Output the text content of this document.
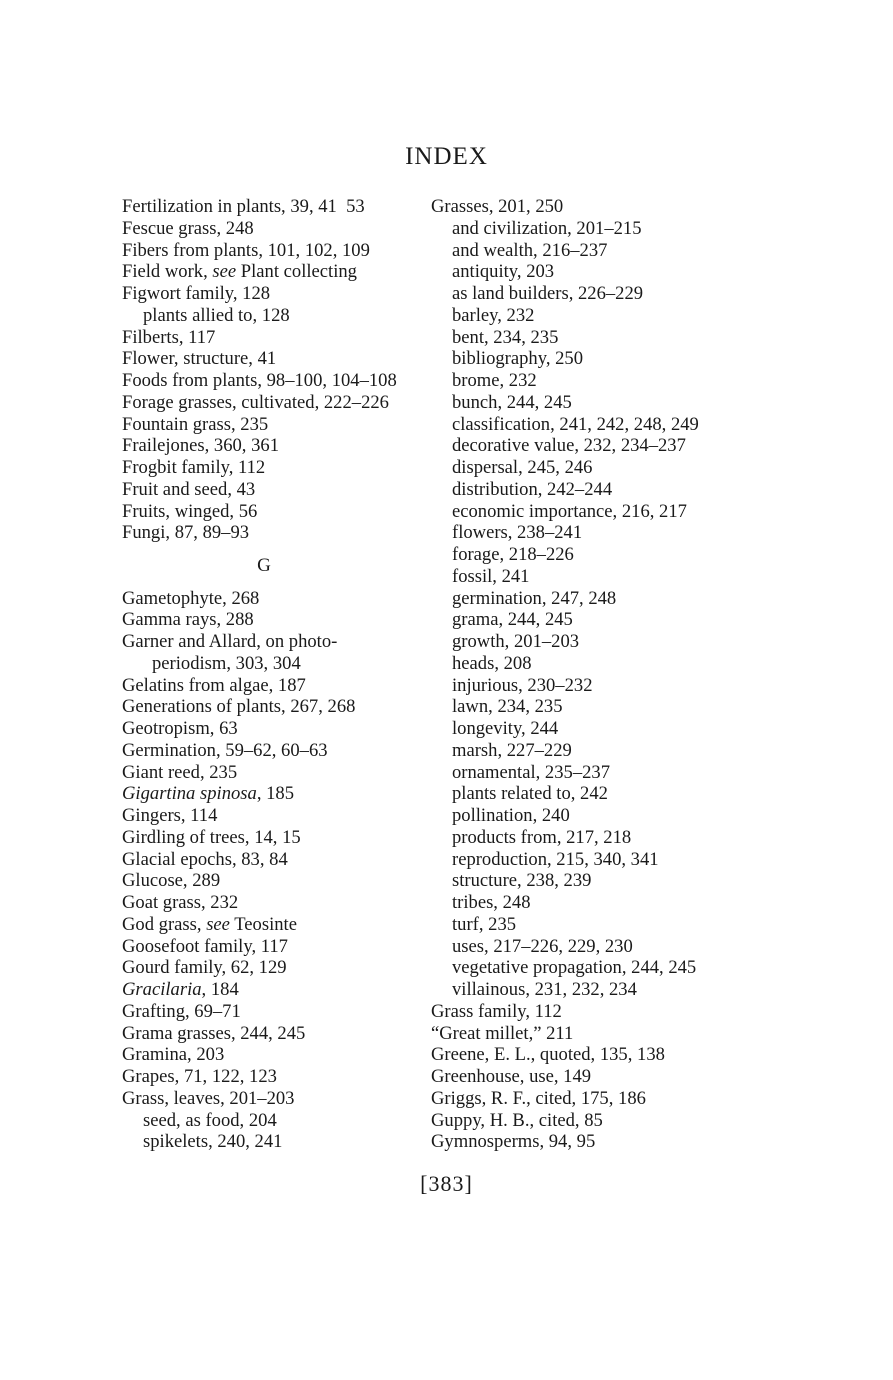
INDEX
Fertilization in plants, 39, 41  53
Fescue grass, 248
Fibers from plants, 101, 102, 109
Field work, see Plant collecting
Figwort family, 128
plants allied to, 128
Filberts, 117
Flower, structure, 41
Foods from plants, 98–100, 104–108
Forage grasses, cultivated, 222–226
Fountain grass, 235
Frailejones, 360, 361
Frogbit family, 112
Fruit and seed, 43
Fruits, winged, 56
Fungi, 87, 89–93
G
Gametophyte, 268
Gamma rays, 288
Garner and Allard, on photo-
periodism, 303, 304
Gelatins from algae, 187
Generations of plants, 267, 268
Geotropism, 63
Germination, 59–62, 60–63
Giant reed, 235
Gigartina spinosa, 185
Gingers, 114
Girdling of trees, 14, 15
Glacial epochs, 83, 84
Glucose, 289
Goat grass, 232
God grass, see Teosinte
Goosefoot family, 117
Gourd family, 62, 129
Gracilaria, 184
Grafting, 69–71
Grama grasses, 244, 245
Gramina, 203
Grapes, 71, 122, 123
Grass, leaves, 201–203
seed, as food, 204
spikelets, 240, 241
Grasses, 201, 250
and civilization, 201–215
and wealth, 216–237
antiquity, 203
as land builders, 226–229
barley, 232
bent, 234, 235
bibliography, 250
brome, 232
bunch, 244, 245
classification, 241, 242, 248, 249
decorative value, 232, 234–237
dispersal, 245, 246
distribution, 242–244
economic importance, 216, 217
flowers, 238–241
forage, 218–226
fossil, 241
germination, 247, 248
grama, 244, 245
growth, 201–203
heads, 208
injurious, 230–232
lawn, 234, 235
longevity, 244
marsh, 227–229
ornamental, 235–237
plants related to, 242
pollination, 240
products from, 217, 218
reproduction, 215, 340, 341
structure, 238, 239
tribes, 248
turf, 235
uses, 217–226, 229, 230
vegetative propagation, 244, 245
villainous, 231, 232, 234
Grass family, 112
“Great millet,” 211
Greene, E. L., quoted, 135, 138
Greenhouse, use, 149
Griggs, R. F., cited, 175, 186
Guppy, H. B., cited, 85
Gymnosperms, 94, 95
[383]
